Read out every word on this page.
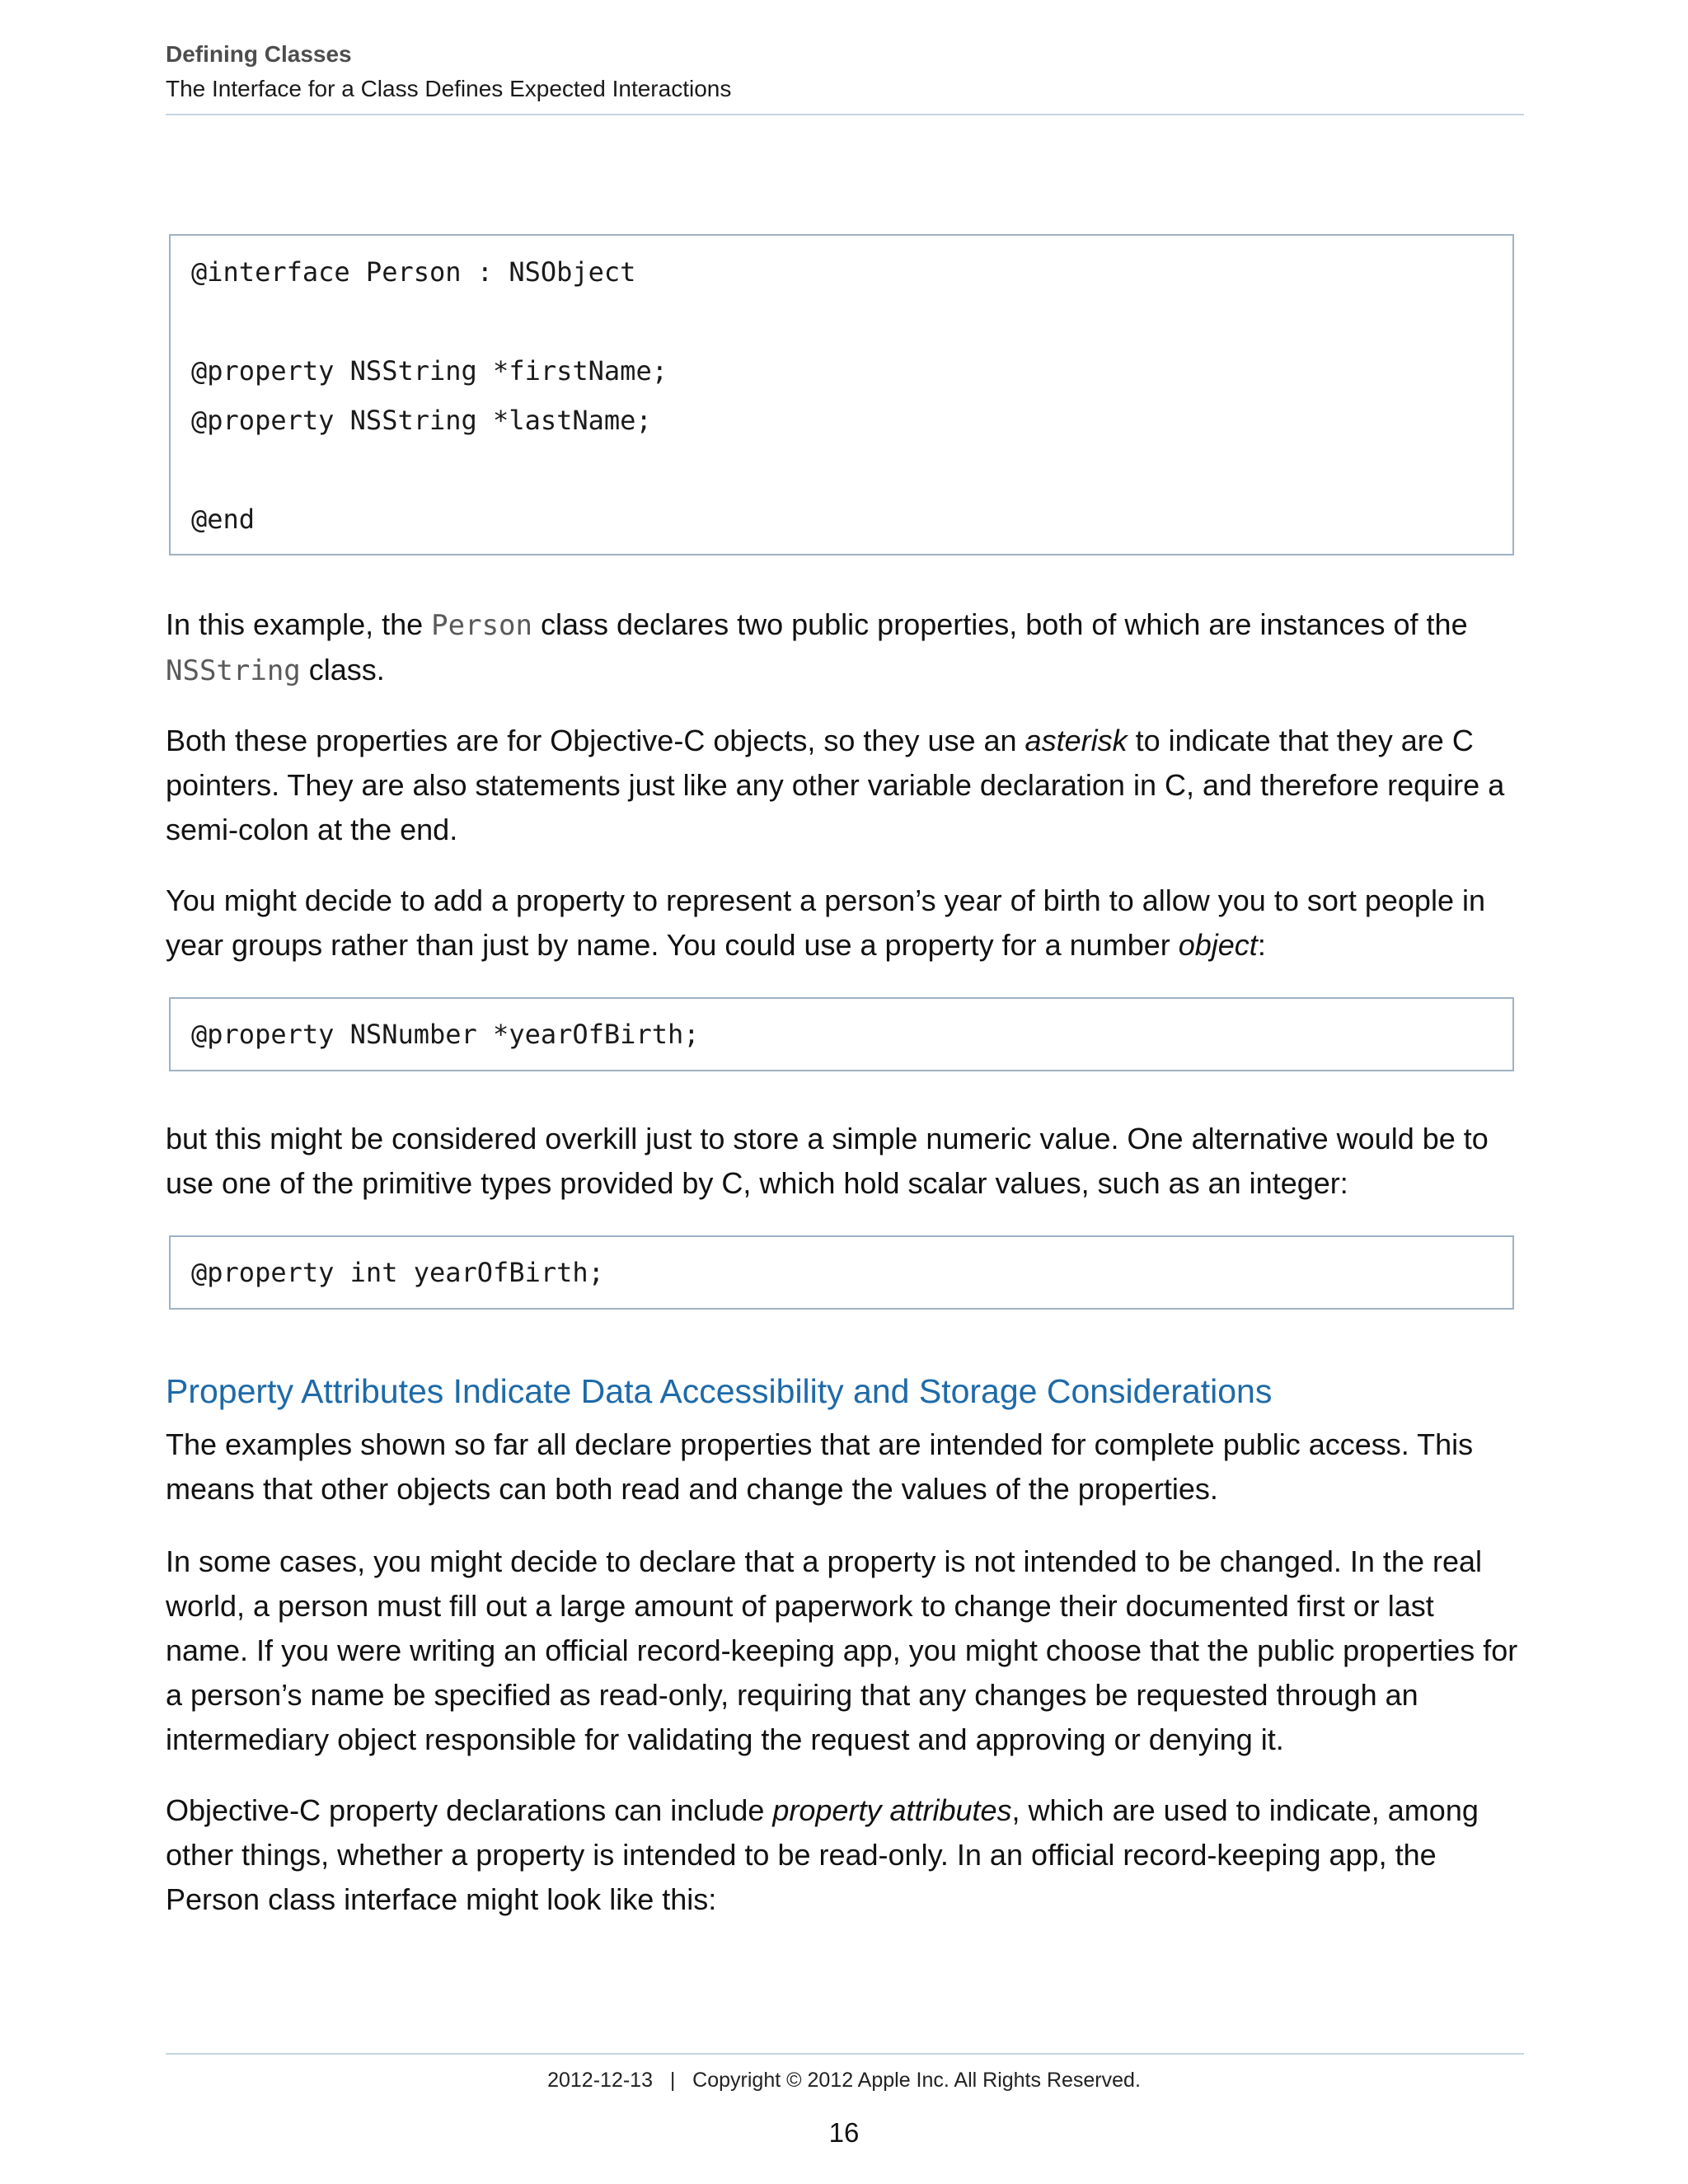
Defining Classes
The Interface for a Class Defines Expected Interactions
@interface Person : NSObject
@property NSString *firstName;
@property NSString *lastName;
@end

In this example, the Person class declares two public properties, both of which are instances of the NSString class.

Both these properties are for Objective-C objects, so they use an asterisk to indicate that they are C pointers. They are also statements just like any other variable declaration in C, and therefore require a semi-colon at the end.

You might decide to add a property to represent a person’s year of birth to allow you to sort people in year groups rather than just by name. You could use a property for a number object:

@property NSNumber *yearOfBirth;

but this might be considered overkill just to store a simple numeric value. One alternative would be to use one of the primitive types provided by C, which hold scalar values, such as an integer:

@property int yearOfBirth;
Property Attributes Indicate Data Accessibility and Storage Considerations

The examples shown so far all declare properties that are intended for complete public access. This means that other objects can both read and change the values of the properties.

In some cases, you might decide to declare that a property is not intended to be changed. In the real world, a person must fill out a large amount of paperwork to change their documented first or last name. If you were writing an official record-keeping app, you might choose that the public properties for a person’s name be specified as read-only, requiring that any changes be requested through an intermediary object responsible for validating the request and approving or denying it.

Objective-C property declarations can include property attributes, which are used to indicate, among other things, whether a property is intended to be read-only. In an official record-keeping app, the Person class interface might look like this:

2012-12-13 | Copyright © 2012 Apple Inc. All Rights Reserved.
16
